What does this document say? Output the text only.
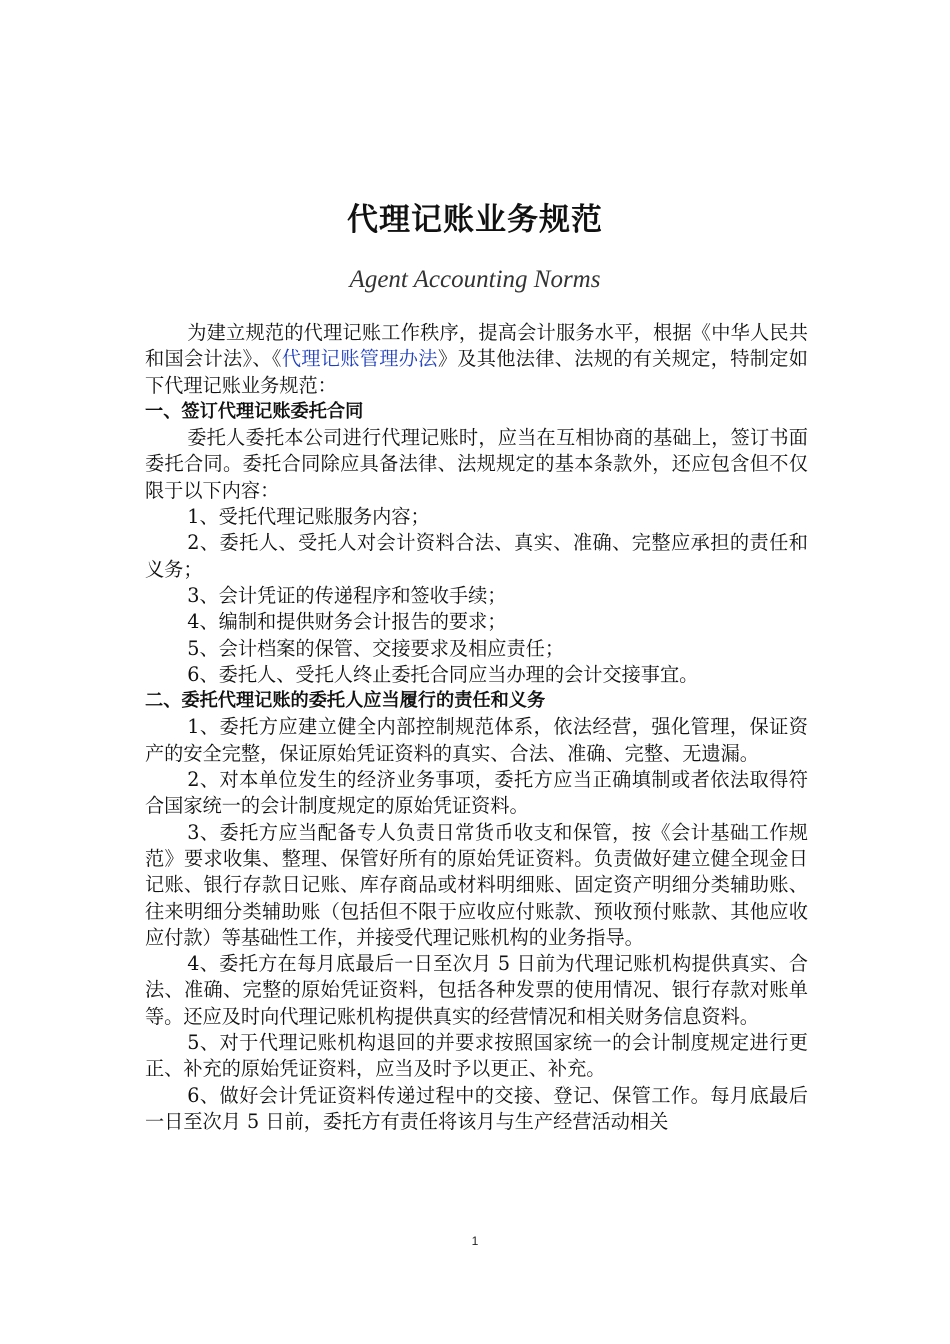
代理记账业务规范
Agent Accounting Norms

为建立规范的代理记账工作秩序，提高会计服务水平，根据《中华人民共和国会计法》、《代理记账管理办法》及其他法律、法规的有关规定，特制定如下代理记账业务规范：

一、签订代理记账委托合同

委托人委托本公司进行代理记账时，应当在互相协商的基础上，签订书面委托合同。委托合同除应具备法律、法规规定的基本条款外，还应包含但不仅限于以下内容：

1、受托代理记账服务内容；

2、委托人、受托人对会计资料合法、真实、准确、完整应承担的责任和义务；

3、会计凭证的传递程序和签收手续；

4、编制和提供财务会计报告的要求；

5、会计档案的保管、交接要求及相应责任；

6、委托人、受托人终止委托合同应当办理的会计交接事宜。

二、委托代理记账的委托人应当履行的责任和义务

1、委托方应建立健全内部控制规范体系，依法经营，强化管理，保证资产的安全完整，保证原始凭证资料的真实、合法、准确、完整、无遗漏。

2、对本单位发生的经济业务事项，委托方应当正确填制或者依法取得符合国家统一的会计制度规定的原始凭证资料。

3、委托方应当配备专人负责日常货币收支和保管，按《会计基础工作规范》要求收集、整理、保管好所有的原始凭证资料。负责做好建立健全现金日记账、银行存款日记账、库存商品或材料明细账、固定资产明细分类辅助账、往来明细分类辅助账（包括但不限于应收应付账款、预收预付账款、其他应收应付款）等基础性工作，并接受代理记账机构的业务指导。

4、委托方在每月底最后一日至次月 5 日前为代理记账机构提供真实、合法、准确、完整的原始凭证资料，包括各种发票的使用情况、银行存款对账单等。还应及时向代理记账机构提供真实的经营情况和相关财务信息资料。

5、对于代理记账机构退回的并要求按照国家统一的会计制度规定进行更正、补充的原始凭证资料，应当及时予以更正、补充。

6、做好会计凭证资料传递过程中的交接、登记、保管工作。每月底最后一日至次月 5 日前，委托方有责任将该月与生产经营活动相关

1
